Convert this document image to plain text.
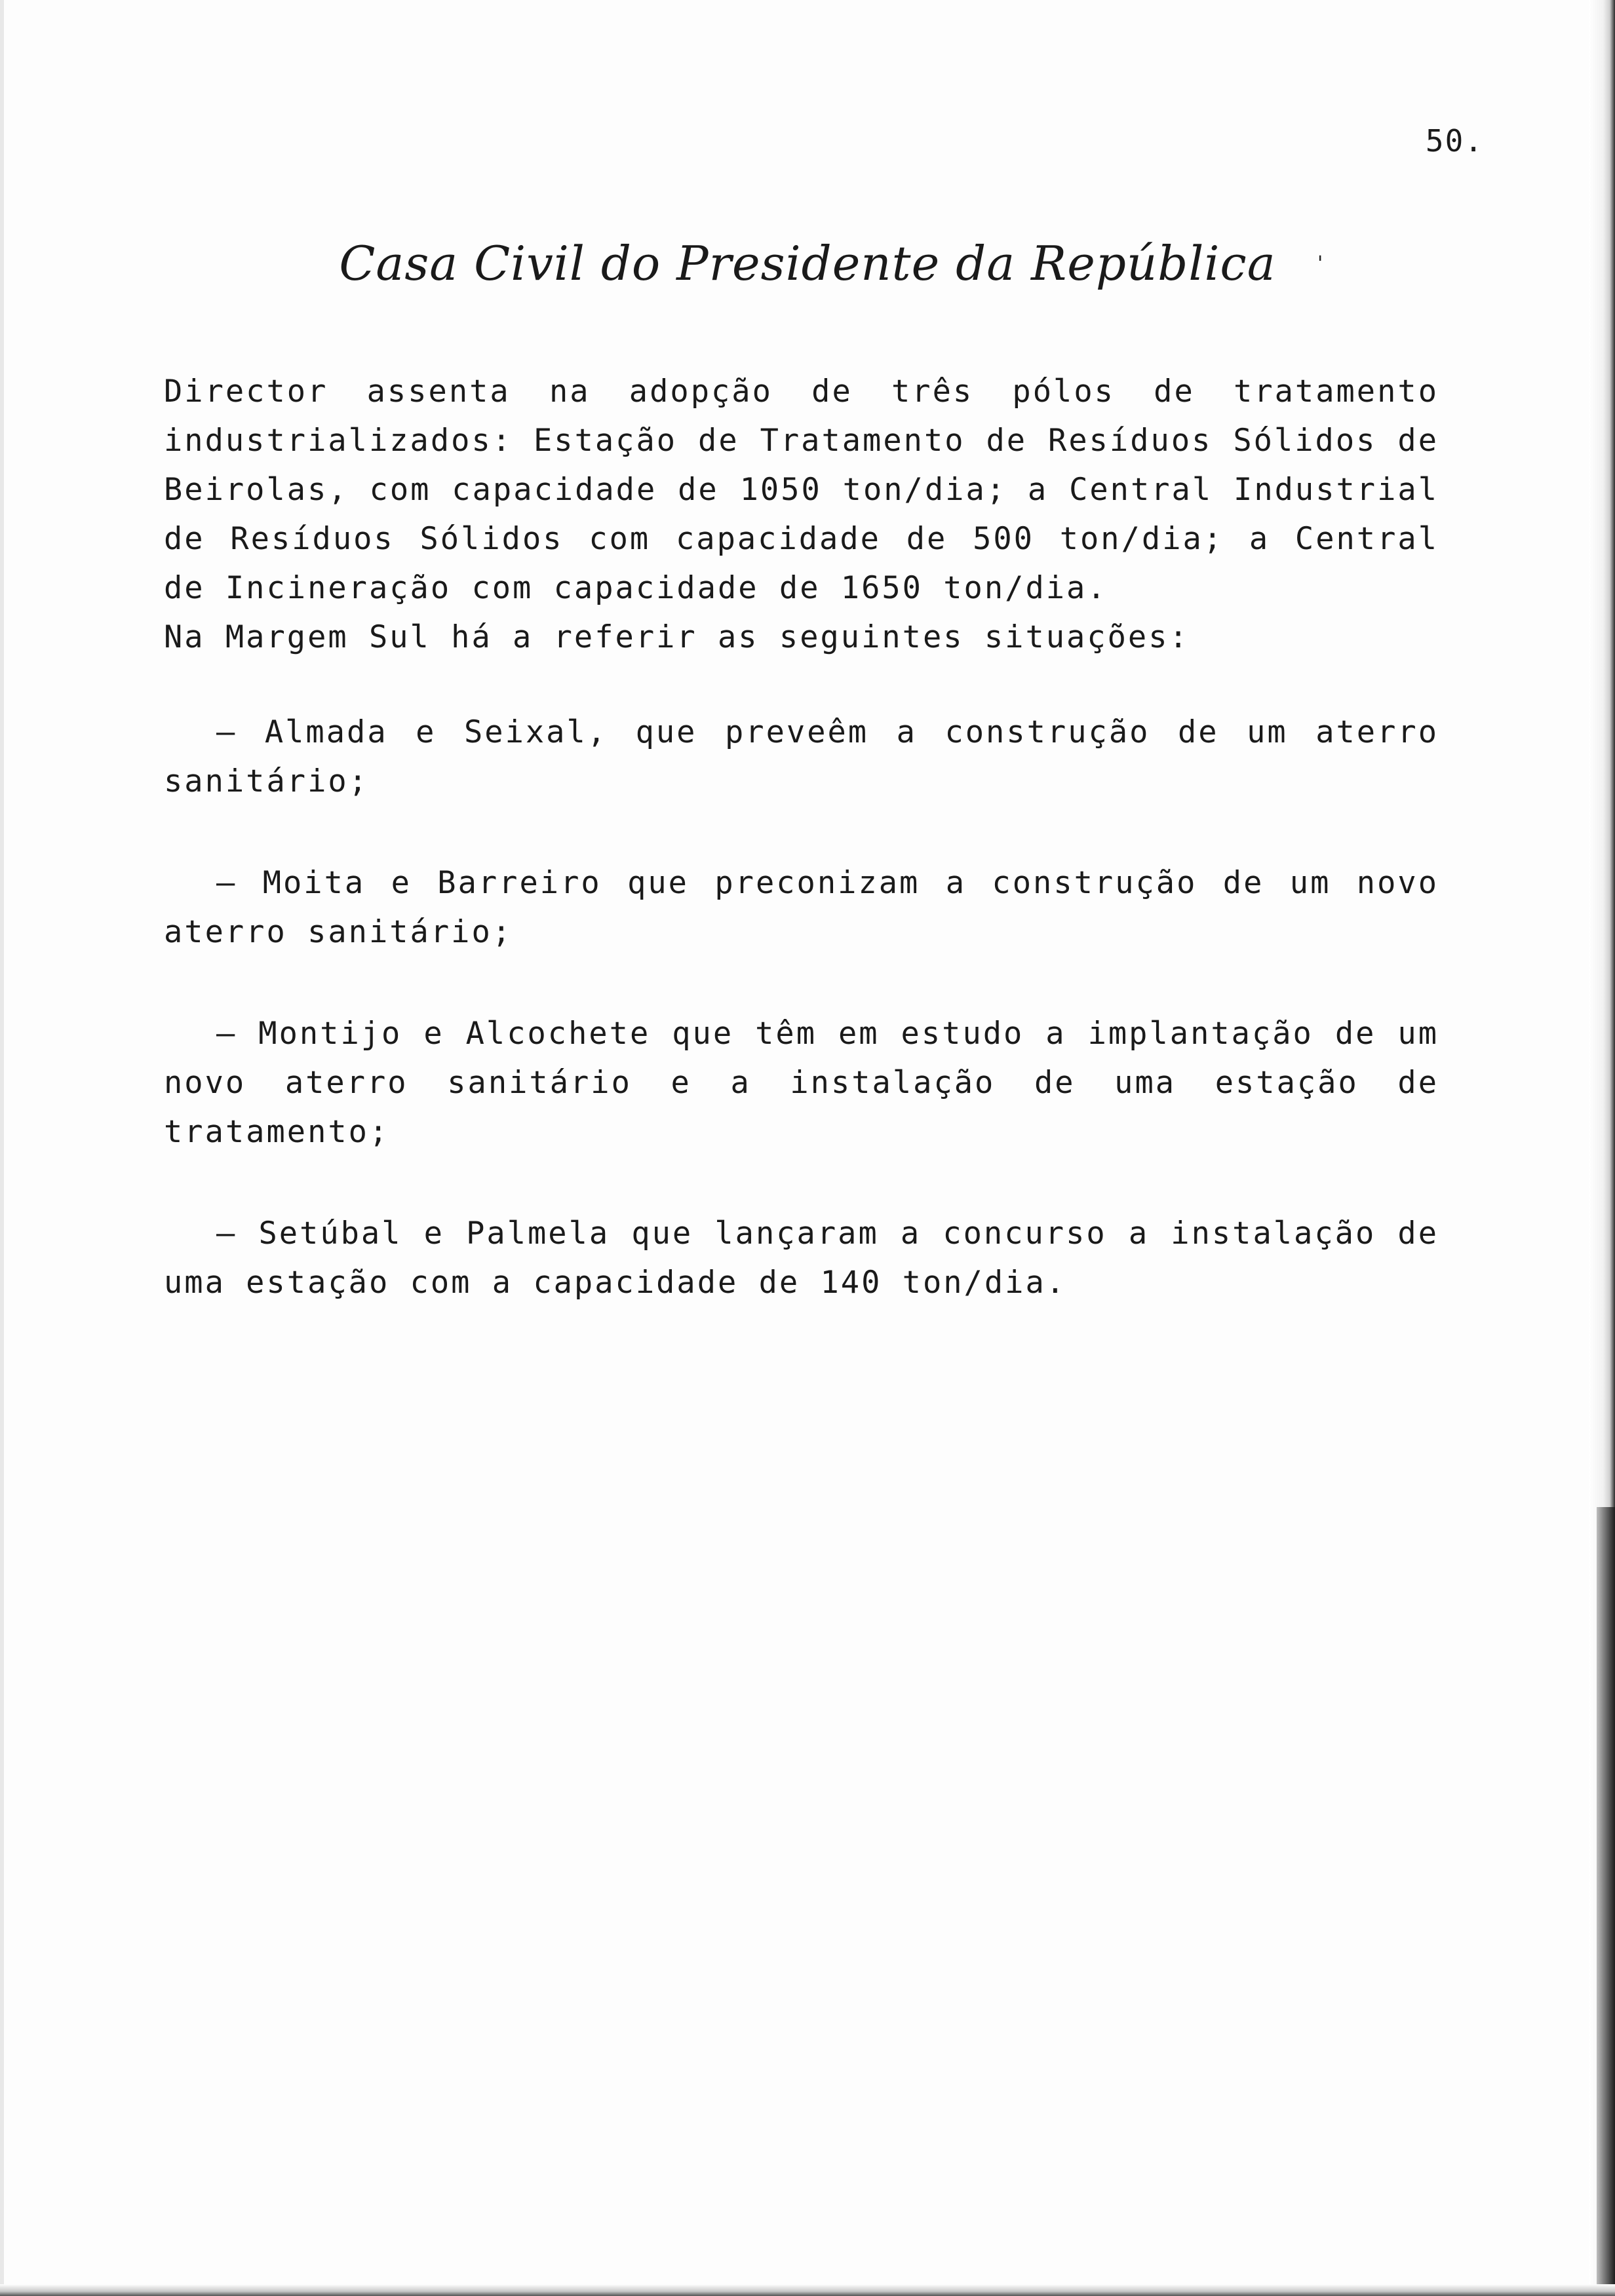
50.
Casa Civil do Presidente da República	'

Director assenta na adopção de três pólos de tratamento industrializados: Estação de Tratamento de Resíduos Sólidos de Beirolas, com capacidade de 1050 ton/dia; a Central Industrial de Resíduos Sólidos com capacidade de 500 ton/dia; a Central de Incineração com capacidade de 1650 ton/dia.

Na Margem Sul há a referir as seguintes situações:

– Almada e Seixal, que preveêm a construção de um aterro sanitário;

– Moita e Barreiro que preconizam a construção de um novo aterro sanitário;

– Montijo e Alcochete que têm em estudo a implantação de um novo aterro sanitário e a instalação de uma estação de tratamento;

– Setúbal e Palmela que lançaram a concurso a instalação de uma estação com a capacidade de 140 ton/dia.
